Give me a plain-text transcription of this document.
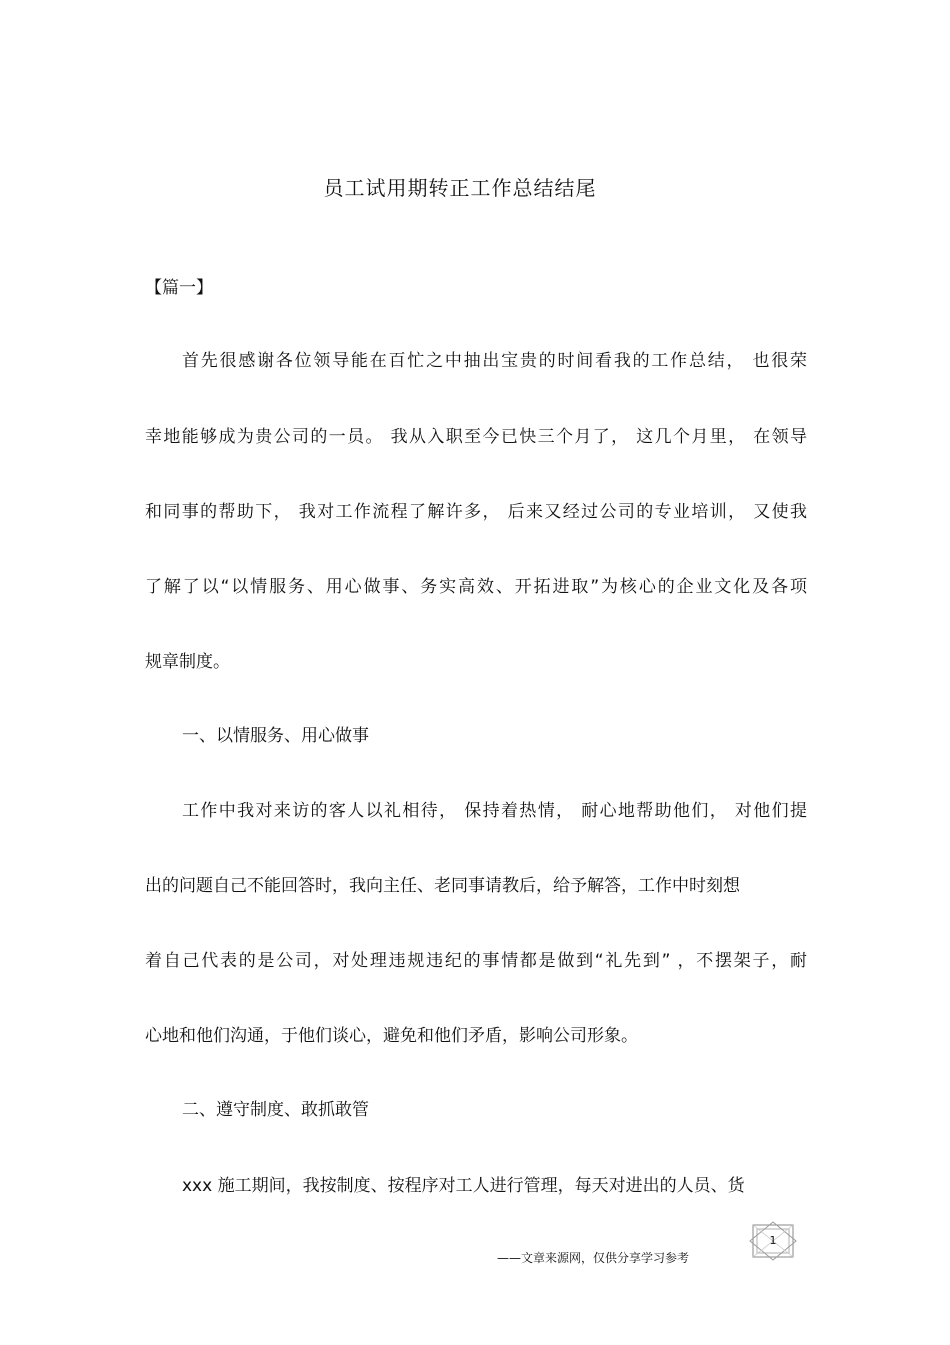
员工试用期转正工作总结结尾
【篇一】
首先很感谢各位领导能在百忙之中抽出宝贵的时间看我的工作总结， 也很荣
幸地能够成为贵公司的一员。 我从入职至今已快三个月了， 这几个月里， 在领导
和同事的帮助下， 我对工作流程了解许多， 后来又经过公司的专业培训， 又使我
了解了以“以情服务、用心做事、务实高效、开拓进取”为核心的企业文化及各项
规章制度。
一、以情服务、用心做事
工作中我对来访的客人以礼相待， 保持着热情， 耐心地帮助他们， 对他们提
出的问题自己不能回答时，我向主任、老同事请教后，给予解答，工作中时刻想
着自己代表的是公司，对处理违规违纪的事情都是做到“礼先到” ，不摆架子，耐
心地和他们沟通，于他们谈心，避免和他们矛盾，影响公司形象。
二、遵守制度、敢抓敢管
xxx 施工期间，我按制度、按程序对工人进行管理，每天对进出的人员、货
——文章来源网，仅供分享学习参考
1
